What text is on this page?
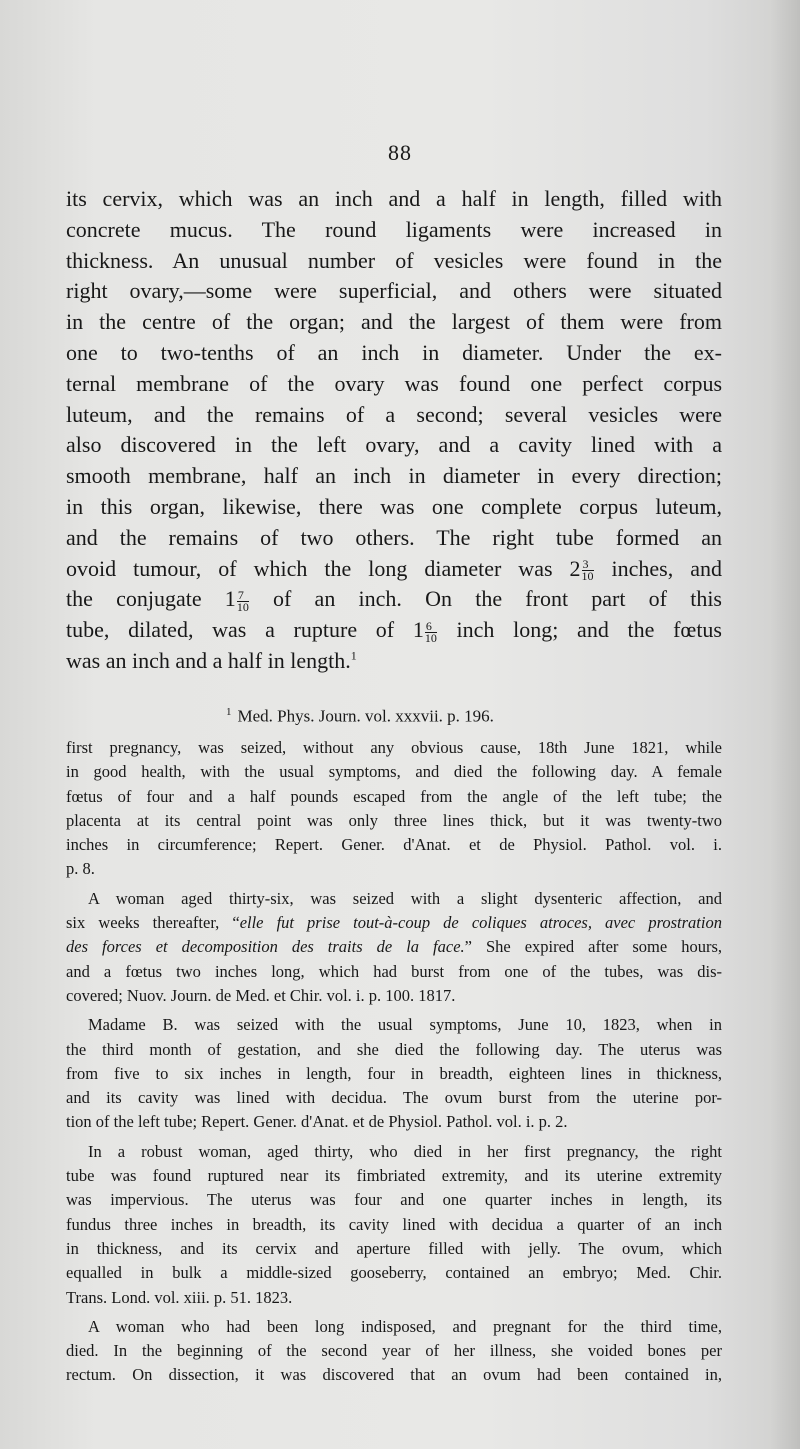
88
its cervix, which was an inch and a half in length, filled with
concrete mucus. The round ligaments were increased in
thickness. An unusual number of vesicles were found in the
right ovary,—some were superficial, and others were situated
in the centre of the organ; and the largest of them were from
one to two-tenths of an inch in diameter. Under the ex-
ternal membrane of the ovary was found one perfect corpus
luteum, and the remains of a second; several vesicles were
also discovered in the left ovary, and a cavity lined with a
smooth membrane, half an inch in diameter in every direction;
in this organ, likewise, there was one complete corpus luteum,
and the remains of two others. The right tube formed an
ovoid tumour, of which the long diameter was $2 \frac{3}{10}$ inches, and
the conjugate $1 \frac{7}{10}$ of an inch. On the front part of this
tube, dilated, was a rupture of $1 \frac{6}{10}$ inch long; and the fœtus
was an inch and a half in length.$^1$
$^1$ Med. Phys. Journ. vol. xxxvii. p. 196.
first pregnancy, was seized, without any obvious cause, 18th June 1821, while
in good health, with the usual symptoms, and died the following day. A female
fœtus of four and a half pounds escaped from the angle of the left tube; the
placenta at its central point was only three lines thick, but it was twenty-two
inches in circumference; Repert. Gener. d'Anat. et de Physiol. Pathol. vol. i.
p. 8.
A woman aged thirty-six, was seized with a slight dysenteric affection, and
six weeks thereafter, “elle fut prise tout-à-coup de coliques atroces, avec prostration
des forces et decomposition des traits de la face.” She expired after some hours,
and a fœtus two inches long, which had burst from one of the tubes, was dis-
covered; Nuov. Journ. de Med. et Chir. vol. i. p. 100. 1817.
Madame B. was seized with the usual symptoms, June 10, 1823, when in
the third month of gestation, and she died the following day. The uterus was
from five to six inches in length, four in breadth, eighteen lines in thickness,
and its cavity was lined with decidua. The ovum burst from the uterine por-
tion of the left tube; Repert. Gener. d'Anat. et de Physiol. Pathol. vol. i. p. 2.
In a robust woman, aged thirty, who died in her first pregnancy, the right
tube was found ruptured near its fimbriated extremity, and its uterine extremity
was impervious. The uterus was four and one quarter inches in length, its
fundus three inches in breadth, its cavity lined with decidua a quarter of an inch
in thickness, and its cervix and aperture filled with jelly. The ovum, which
equalled in bulk a middle-sized gooseberry, contained an embryo; Med. Chir.
Trans. Lond. vol. xiii. p. 51. 1823.
A woman who had been long indisposed, and pregnant for the third time,
died. In the beginning of the second year of her illness, she voided bones per
rectum. On dissection, it was discovered that an ovum had been contained in,
